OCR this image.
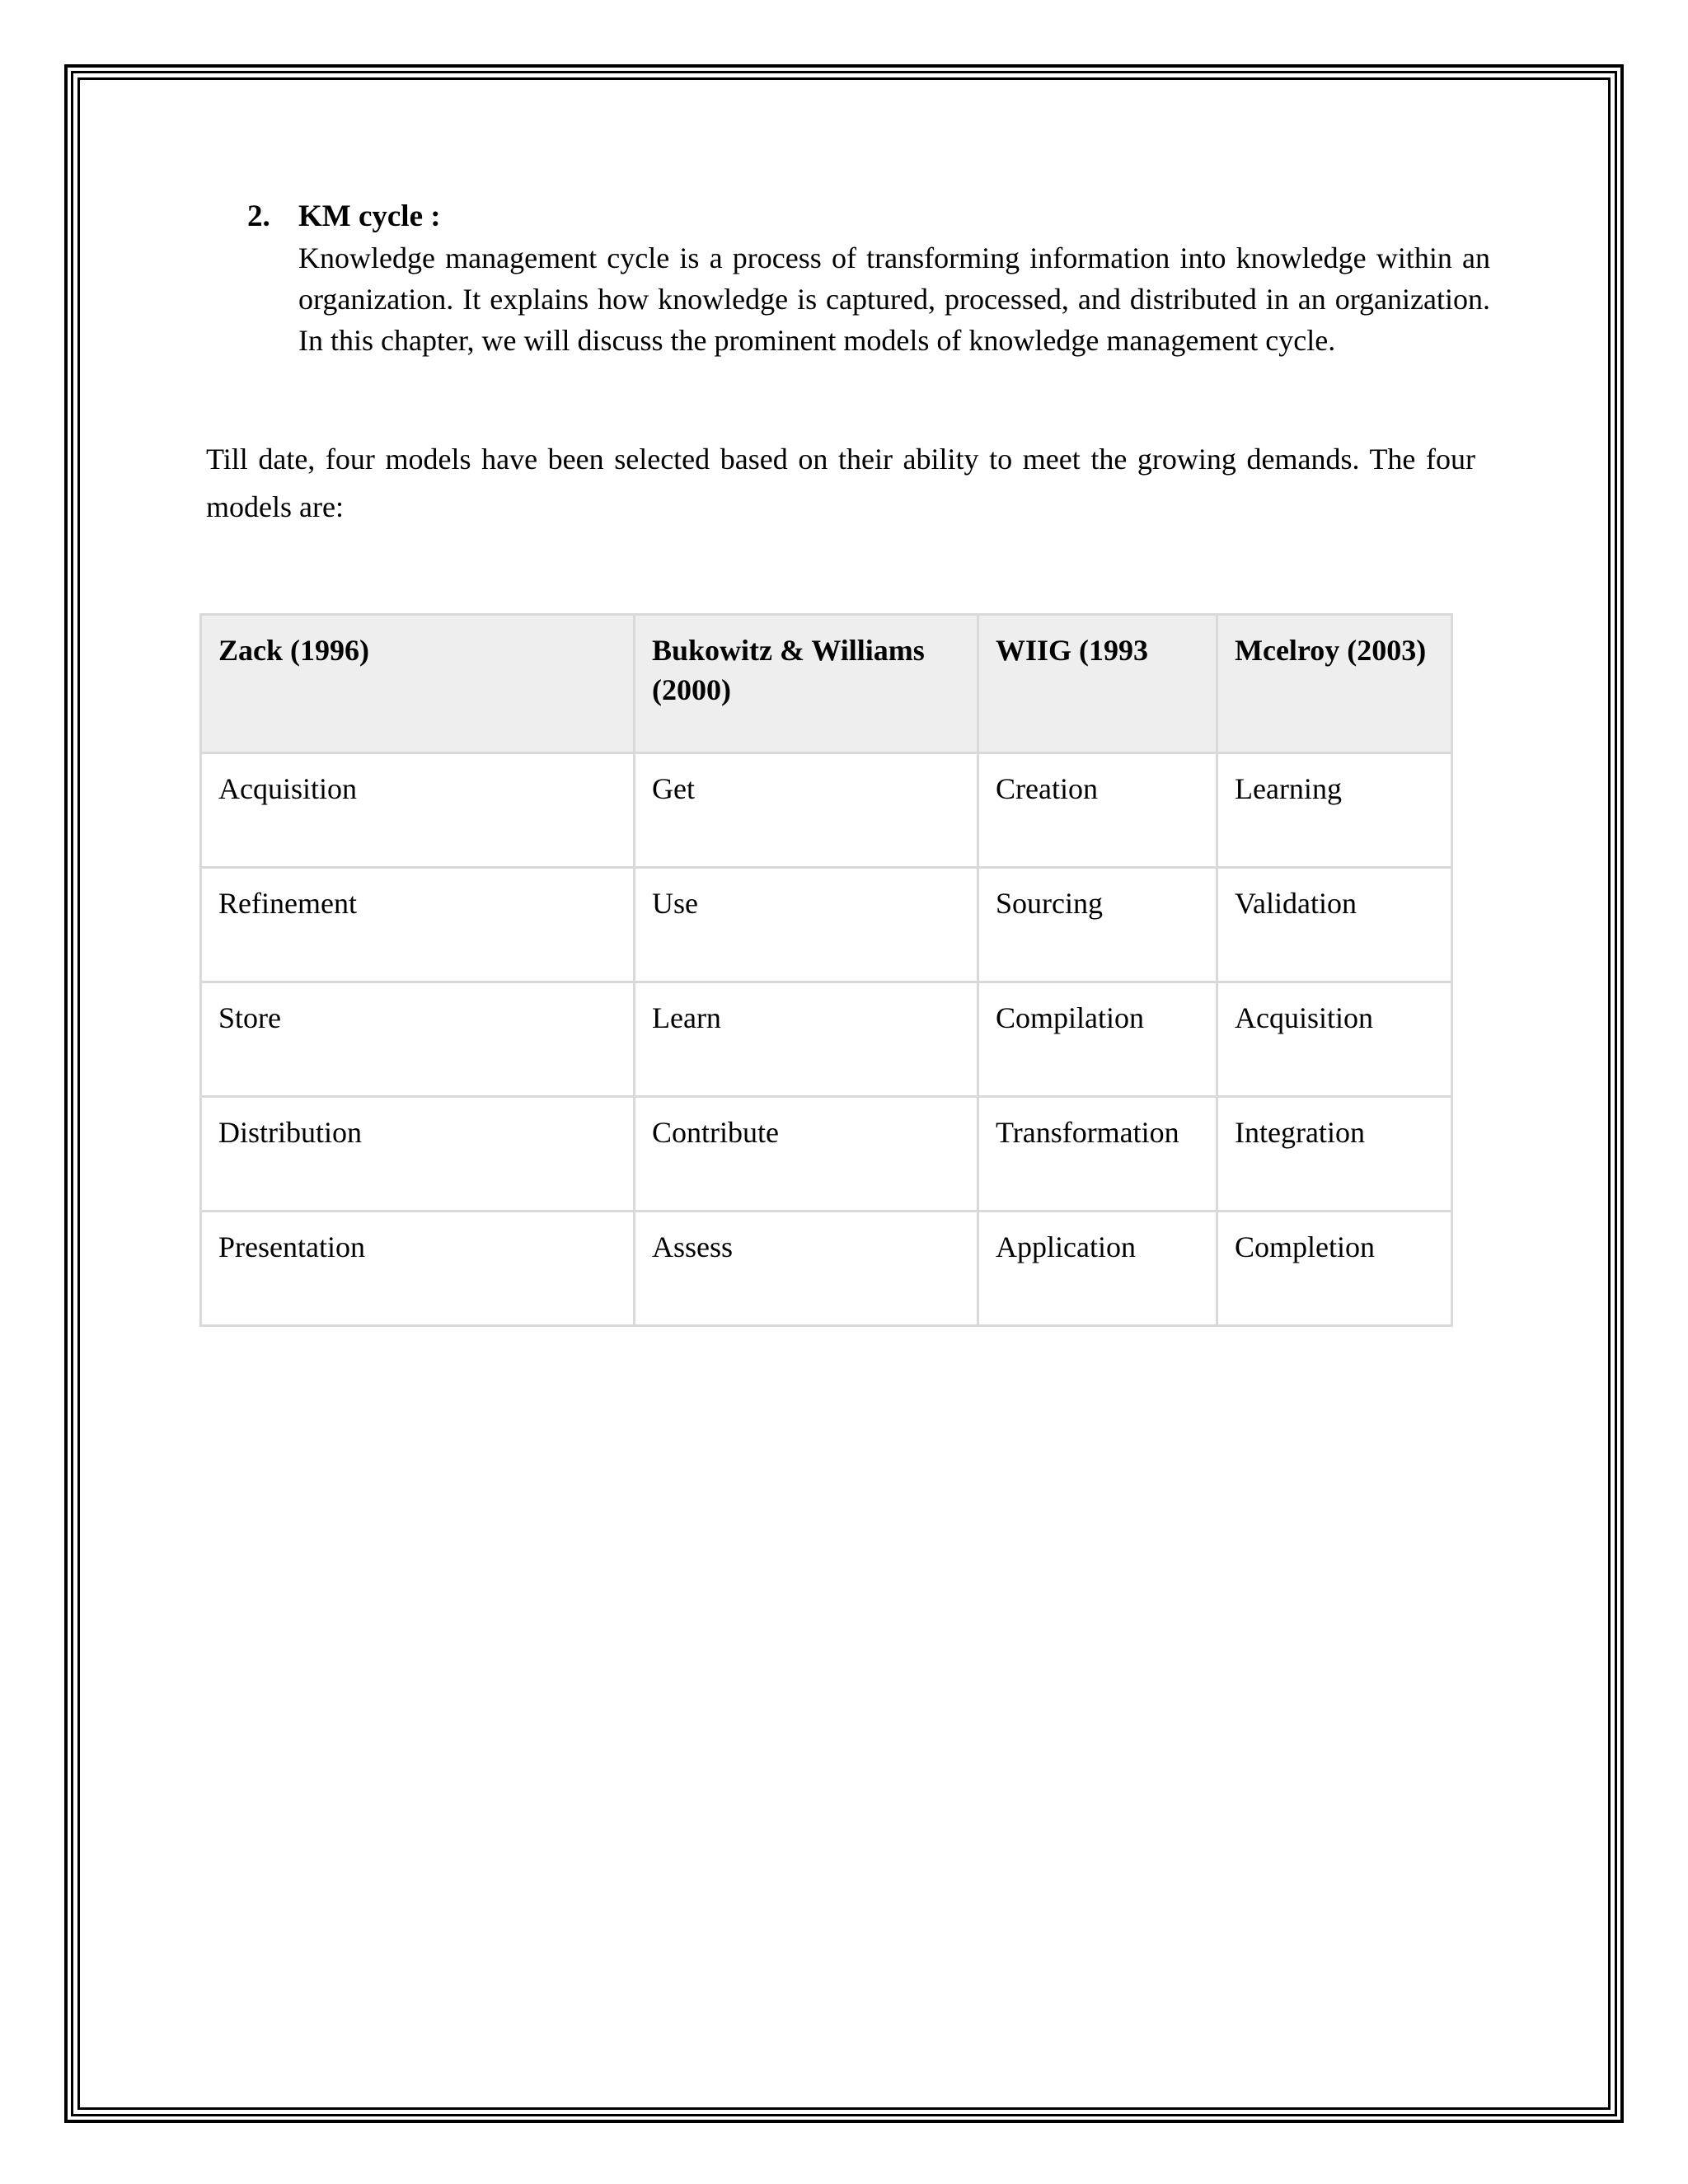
2. KM cycle :
Knowledge management cycle is a process of transforming information into knowledge within an organization. It explains how knowledge is captured, processed, and distributed in an organization. In this chapter, we will discuss the prominent models of knowledge management cycle.
Till date, four models have been selected based on their ability to meet the growing demands. The four models are:
Zack (1996)	Bukowitz & Williams (2000)	WIIG (1993	Mcelroy (2003)
Acquisition	Get	Creation	Learning
Refinement	Use	Sourcing	Validation
Store	Learn	Compilation	Acquisition
Distribution	Contribute	Transformation	Integration
Presentation	Assess	Application	Completion
